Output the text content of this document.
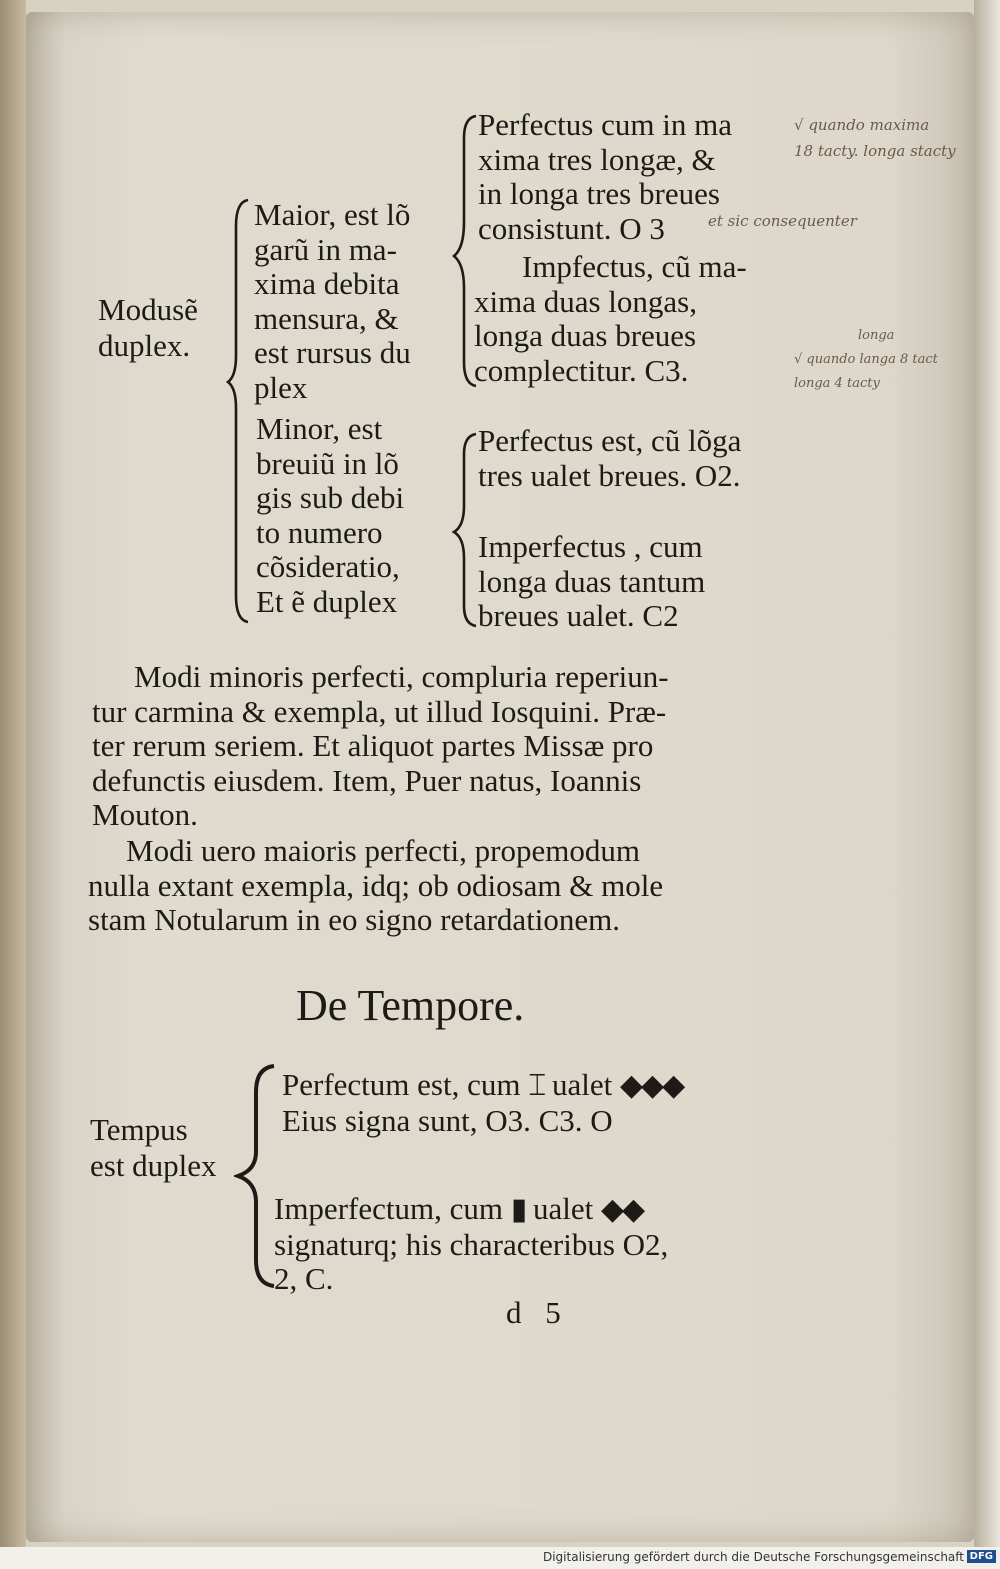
Modusẽ
duplex.
Maior, est lõ
garũ in ma-
xima debita
mensura, &
est rursus du
plex
Minor, est
breuiũ in lõ
gis sub debi
to numero
cõsideratio,
Et ẽ duplex
Perfectus cum in ma
xima tres longæ, &
in longa tres breues
consistunt. O 3
Impfectus, cũ ma-
xima duas longas,
longa duas breues
complectitur. C3.
Perfectus est, cũ lõga
tres ualet breues. O2.
Imperfectus , cum
longa duas tantum
breues ualet. C2
√ quando maxima
18 tacty. longa stacty
et sic consequenter
longa
√ quando langa 8 tact
longa 4 tacty
Modi minoris perfecti, compluria reperiun-
tur carmina & exempla, ut illud Iosquini. Præ-
ter rerum seriem. Et aliquot partes Missæ pro
defunctis eiusdem. Item, Puer natus, Ioannis
Mouton.
Modi uero maioris perfecti, propemodum
nulla extant exempla, idq; ob odiosam & mole
stam Notularum in eo signo retardationem.
De Tempore.
Tempus
est duplex
Perfectum est, cum ⌶ ualet ◆◆◆
Eius signa sunt, O3. C3. O
Imperfectum, cum ▮ ualet ◆◆
signaturq; his characteribus O2,
2, C.
d 5
Digitalisierung gefördert durch die Deutsche Forschungsgemeinschaft DFG
